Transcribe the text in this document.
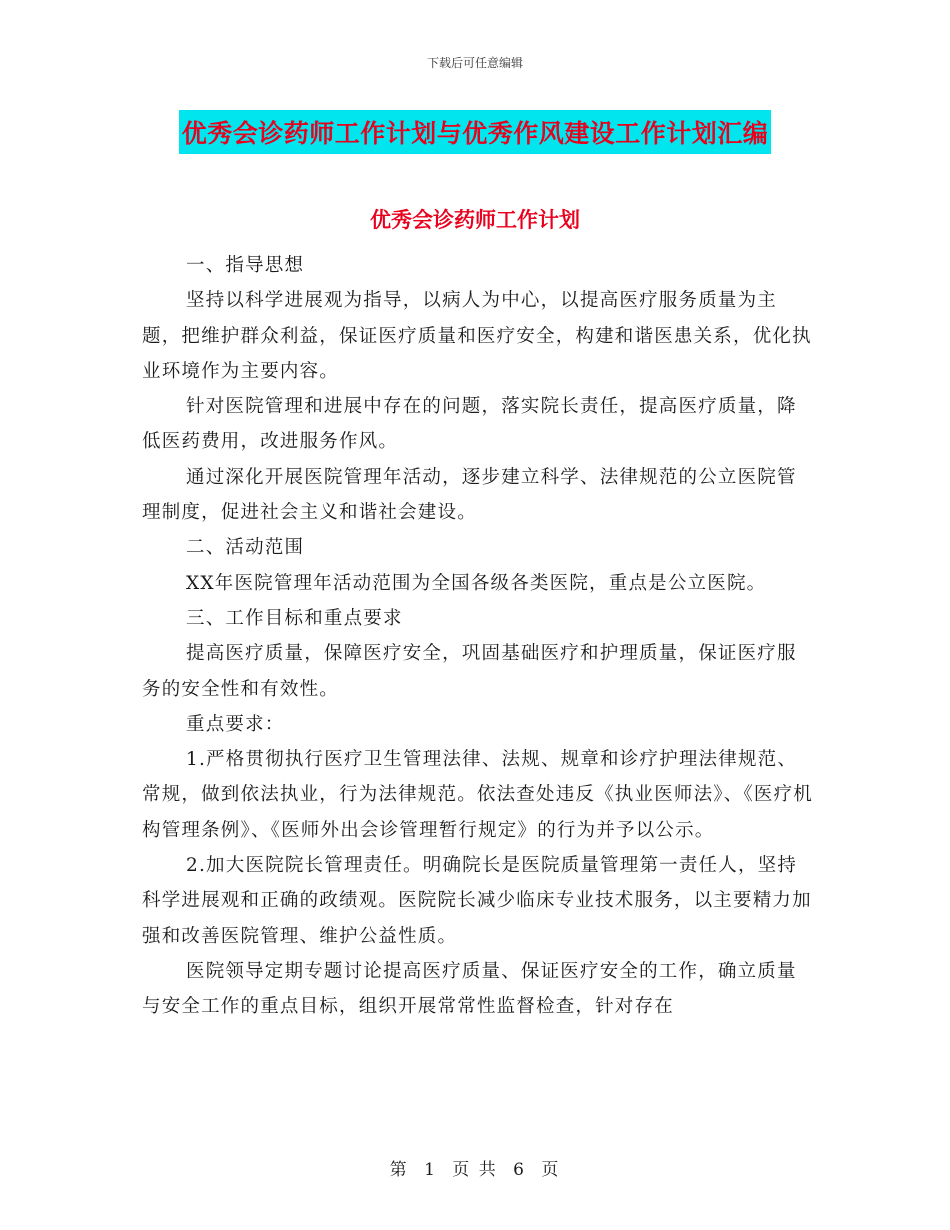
下载后可任意编辑
优秀会诊药师工作计划与优秀作风建设工作计划汇编
优秀会诊药师工作计划

一、指导思想

坚持以科学进展观为指导，以病人为中心，以提高医疗服务质量为主题，把维护群众利益，保证医疗质量和医疗安全，构建和谐医患关系，优化执业环境作为主要内容。

针对医院管理和进展中存在的问题，落实院长责任，提高医疗质量，降低医药费用，改进服务作风。

通过深化开展医院管理年活动，逐步建立科学、法律规范的公立医院管理制度，促进社会主义和谐社会建设。

二、活动范围

XX年医院管理年活动范围为全国各级各类医院，重点是公立医院。

三、工作目标和重点要求

提高医疗质量，保障医疗安全，巩固基础医疗和护理质量，保证医疗服务的安全性和有效性。

重点要求：

1.严格贯彻执行医疗卫生管理法律、法规、规章和诊疗护理法律规范、常规，做到依法执业，行为法律规范。依法查处违反《执业医师法》、《医疗机构管理条例》、《医师外出会诊管理暂行规定》的行为并予以公示。

2.加大医院院长管理责任。明确院长是医院质量管理第一责任人，坚持科学进展观和正确的政绩观。医院院长减少临床专业技术服务，以主要精力加强和改善医院管理、维护公益性质。

医院领导定期专题讨论提高医疗质量、保证医疗安全的工作，确立质量与安全工作的重点目标，组织开展常常性监督检查，针对存在

第 1 页 共 6 页
